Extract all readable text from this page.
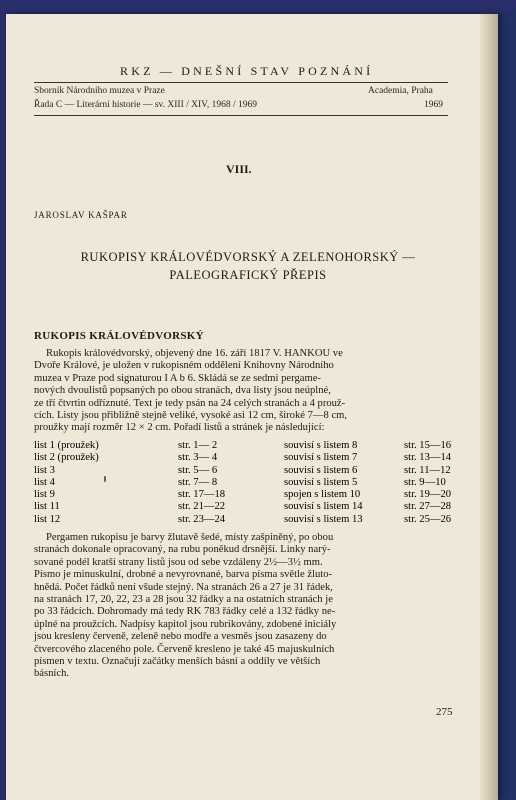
RKZ — DNEŠNÍ STAV POZNÁNÍ
Sborník Národního muzea v Praze	Academia, Praha
Řada C — Literární historie — sv. XIII / XIV, 1968 / 1969	1969
VIII.
JAROSLAV KAŠPAR
RUKOPISY KRÁLOVÉDVORSKÝ A ZELENOHORSKÝ —
PALEOGRAFICKÝ PŘEPIS
RUKOPIS KRÁLOVÉDVORSKÝ

Rukopis královédvorský, objevený dne 16. září 1817 V. HANKOU ve

Dvoře Králové, je uložen v rukopisném oddělení Knihovny Národního

muzea v Praze pod signaturou I A b 6. Skládá se ze sedmi pergame-

nových dvoulistů popsaných po obou stranách, dva listy jsou neúplné,

ze tří čtvrtin odříznuté. Text je tedy psán na 24 celých stranách a 4 prouž-

cích. Listy jsou přibližně stejně veliké, vysoké asi 12 cm, široké 7—8 cm,

proužky mají rozměr 12 × 2 cm. Pořadí listů a stránek je následující:

list 1 (proužek)	str. 1— 2	souvisí s listem 8	str. 15—16
list 2 (proužek)	str. 3— 4	souvisí s listem 7	str. 13—14
list 3	str. 5— 6	souvisí s listem 6	str. 11—12
list 4	str. 7— 8	souvisí s listem 5	str. 9—10
list 9	str. 17—18	spojen s listem 10	str. 19—20
list 11	str. 21—22	souvisí s listem 14	str. 27—28
list 12	str. 23—24	souvisí s listem 13	str. 25—26

Pergamen rukopisu je barvy žlutavě šedé, místy zašpiněný, po obou

stranách dokonale opracovaný, na rubu poněkud drsnější. Linky narý-

sované podél kratší strany listů jsou od sebe vzdáleny 2½—3½ mm.

Písmo je minuskulní, drobné a nevyrovnané, barva písma světle žluto-

hnědá. Počet řádků není všude stejný. Na stranách 26 a 27 je 31 řádek,

na stranách 17, 20, 22, 23 a 28 jsou 32 řádky a na ostatních stranách je

po 33 řádcích. Dohromady má tedy RK 783 řádky celé a 132 řádky ne-

úplné na proužcích. Nadpisy kapitol jsou rubrikovány, zdobené iniciály

jsou kresleny červeně, zeleně nebo modře a vesměs jsou zasazeny do

čtvercového zlaceného pole. Červeně kresleno je také 45 majuskulních

písmen v textu. Označují začátky menších básní a oddíly ve větších

básních.

275
